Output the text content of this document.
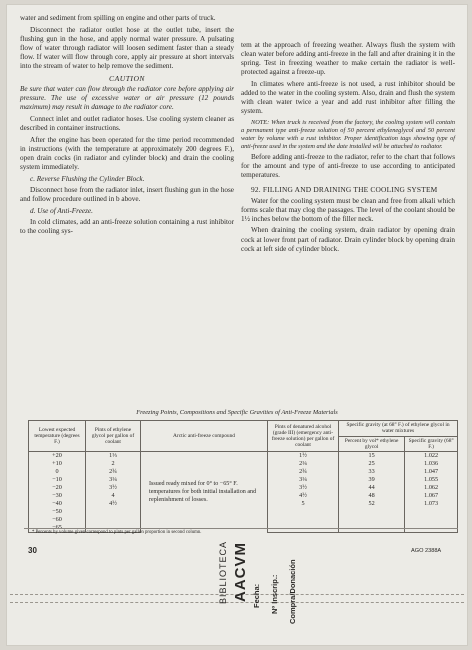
water and sediment from spilling on engine and other parts of truck.

Disconnect the radiator outlet hose at the outlet tube, insert the flushing gun in the hose, and apply normal water pressure. A pulsating flow of water through radiator will loosen sediment faster than a steady flow. If water will flow through core, apply air pressure at short intervals into the stream of water to help remove the sediment.

CAUTION

Be sure that water can flow through the radiator core before applying air pressure. The use of excessive water or air pressure (12 pounds maximum) may result in damage to the radiator core.

Connect inlet and outlet radiator hoses. Use cooling system cleaner as described in container instructions.

After the engine has been operated for the time period recommended in instructions (with the temperature at approximately 200 degrees F.), open drain cocks (in radiator and cylinder block) and drain the cooling system immediately.

c. Reverse Flushing the Cylinder Block.

Disconnect hose from the radiator inlet, insert flushing gun in the hose and follow procedure outlined in b above.

d. Use of Anti-Freeze.

In cold climates, add an anti-freeze solution containing a rust inhibitor to the cooling sys-

tem at the approach of freezing weather. Always flush the system with clean water before adding anti-freeze in the fall and after draining it in the spring. Test in freezing weather to make certain the radiator is well-protected against a freeze-up.

In climates where anti-freeze is not used, a rust inhibitor should be added to the water in the cooling system. Also, drain and flush the system with clean water twice a year and add rust inhibitor after filling the system.

NOTE: When truck is received from the factory, the cooling system will contain a permanent type anti-freeze solution of 50 percent ethyleneglycol and 50 percent water by volume with a rust inhibitor. Proper identification tags showing type of anti-freeze used in the system and the date installed will be attached to radiator.

Before adding anti-freeze to the radiator, refer to the chart that follows for the amount and type of anti-freeze to use according to anticipated temperatures.

92. FILLING AND DRAINING THE COOLING SYSTEM

Water for the cooling system must be clean and free from alkali which forms scale that may clog the passages. The level of the coolant should be 1½ inches below the bottom of the filler neck.

When draining the cooling system, drain radiator by opening drain cock at lower front part of radiator. Drain cylinder block by opening drain cock at left side of cylinder block.

Freezing Points, Compositions and Specific Gravities of Anti-Freeze Materials
Lowest expected temperature (degrees F.)	Pints of ethylene glycol per gallon of coolant	Arctic anti-freeze compound	Pints of denatured alcohol (grade III) (emergency anti-freeze solution) per gallon of coolant	Specific gravity (at 68° F.) of ethylene glycol in water mixtures	
				Percent by vol* ethylene glycol	Specific gravity (68° F.)
+20	1⅓	Issued ready mixed for 0° to −65° F. temperatures for both initial installation and replenishment of losses.	1½	15	1.022
+10	2		2¼	25	1.036
0	2¾		2¾	33	1.047
−10	3¼		3¼	39	1.055
−20	3½		3½	44	1.062
−30	4		4½	48	1.067
−40	4½		5	52	1.073
−50					
−60					
−65					
* Percents by volume given correspond to pints per gallon proportion in second column.
30	AGO 2388A
BIBLIOTECA AACVM Fecha: Nº Inscrip.: Compra/Donación
